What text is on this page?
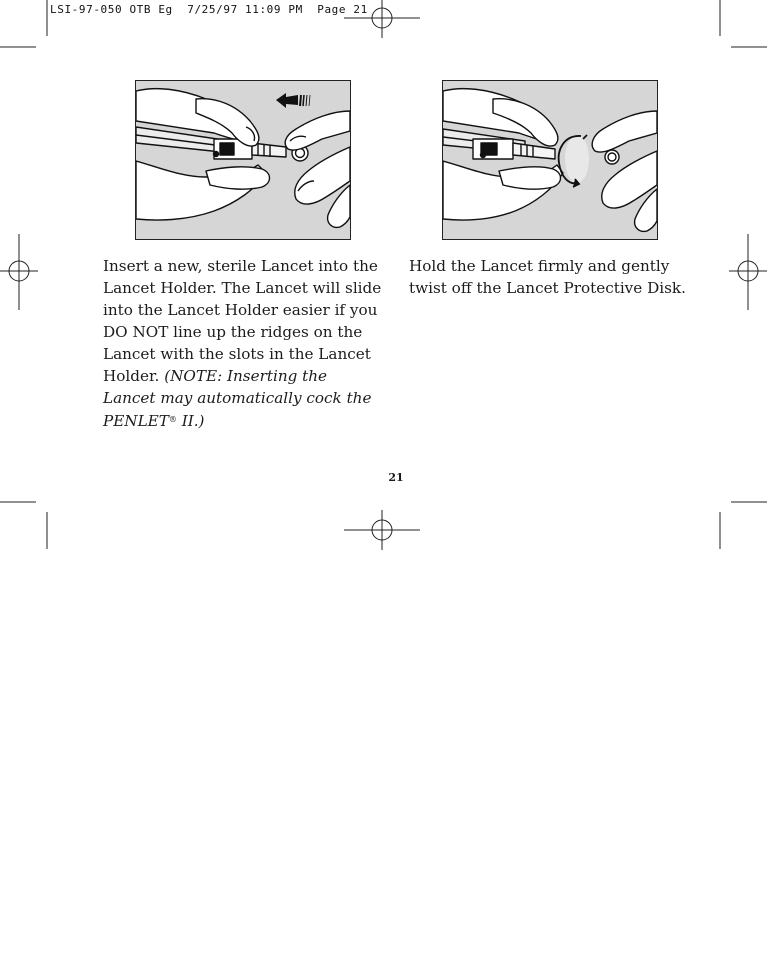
LSI-97-050 OTB Eg  7/25/97 11:09 PM  Page 21
Insert a new, sterile Lancet into the Lancet Holder. The Lancet will slide into the Lancet Holder easier if you DO NOT line up the ridges on the Lancet with the slots in the Lancet Holder. (NOTE: Inserting the Lancet may automatically cock the PENLET® II.)
Hold the Lancet firmly and gently twist off the Lancet Protective Disk.
21
